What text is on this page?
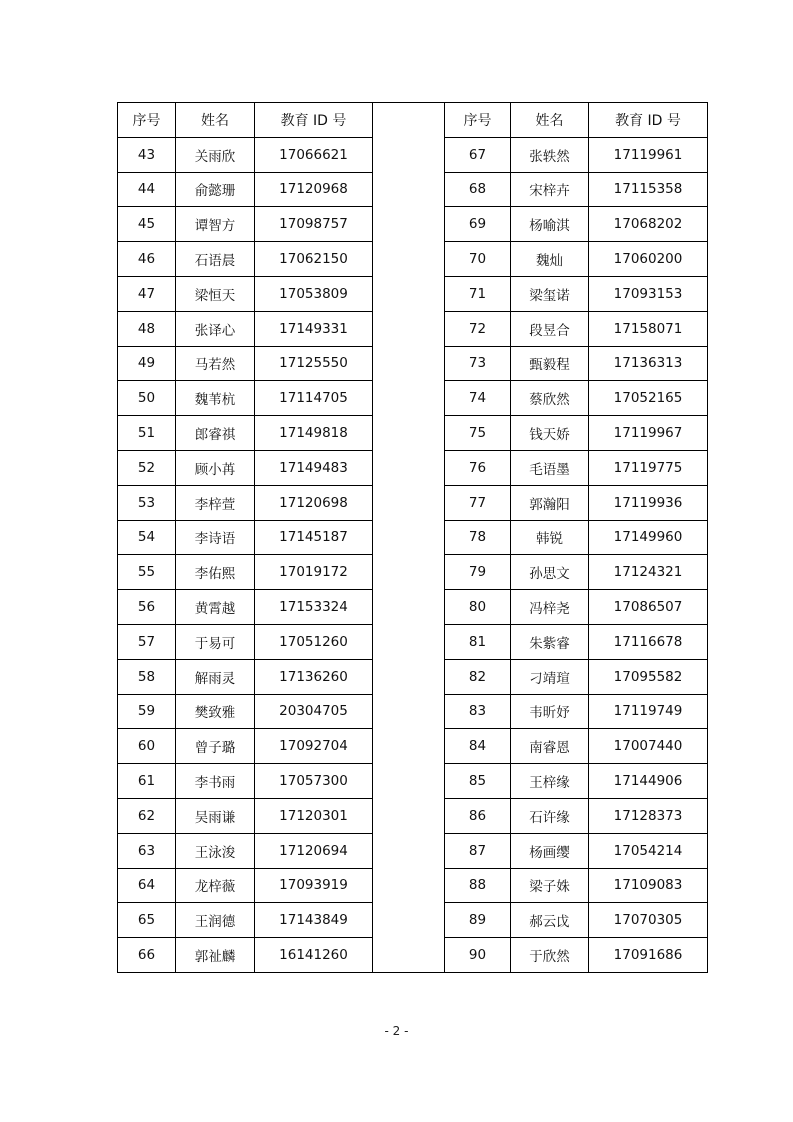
序号	姓名	教育 ID 号		序号	姓名	教育 ID 号
43	关雨欣	17066621		67	张轶然	17119961
44	俞懿珊	17120968		68	宋梓卉	17115358
45	谭智方	17098757		69	杨喻淇	17068202
46	石语晨	17062150		70	魏灿	17060200
47	梁恒天	17053809		71	梁玺诺	17093153
48	张译心	17149331		72	段昱合	17158071
49	马若然	17125550		73	甄毅程	17136313
50	魏苇杭	17114705		74	蔡欣然	17052165
51	郎睿祺	17149818		75	钱天娇	17119967
52	顾小苒	17149483		76	毛语墨	17119775
53	李梓萱	17120698		77	郭瀚阳	17119936
54	李诗语	17145187		78	韩锐	17149960
55	李佑熙	17019172		79	孙思文	17124321
56	黄霄越	17153324		80	冯梓尧	17086507
57	于易可	17051260		81	朱紫睿	17116678
58	解雨灵	17136260		82	刁靖瑄	17095582
59	樊致雅	20304705		83	韦昕妤	17119749
60	曾子璐	17092704		84	南睿恩	17007440
61	李书雨	17057300		85	王梓缘	17144906
62	吴雨谦	17120301		86	石许缘	17128373
63	王泳浚	17120694		87	杨画缨	17054214
64	龙梓薇	17093919		88	梁子姝	17109083
65	王润德	17143849		89	郝云戉	17070305
66	郭祉麟	16141260		90	于欣然	17091686
- 2 -
